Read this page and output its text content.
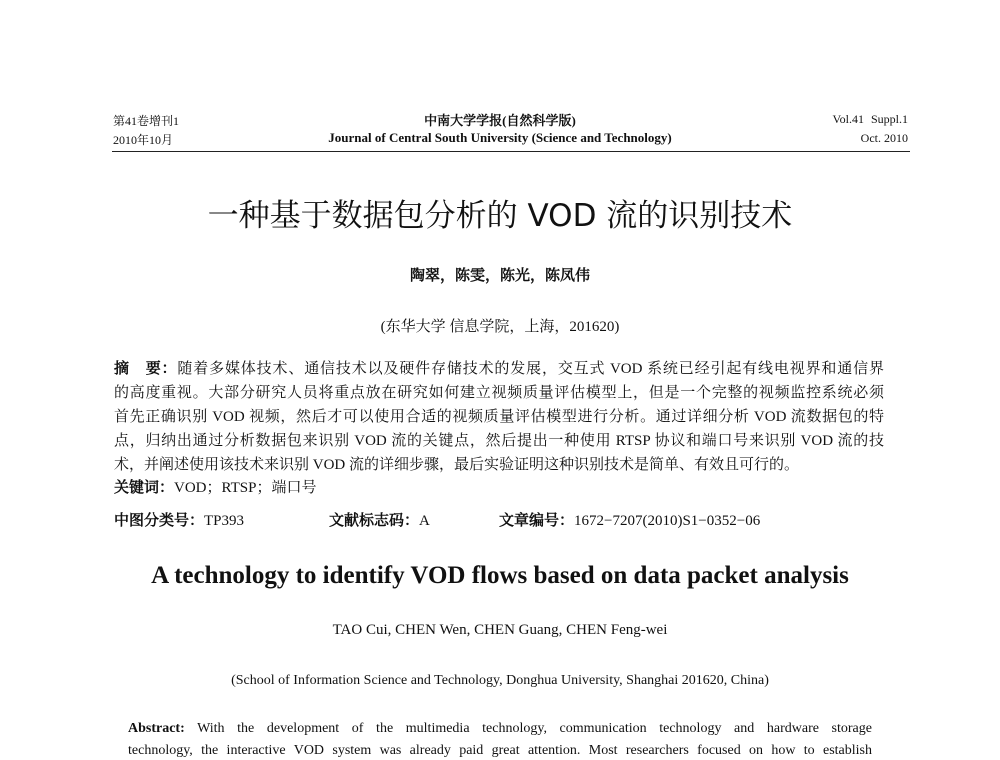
第41卷增刊1
2010年10月
中南大学学报(自然科学版)
Journal of Central South University (Science and Technology)
Vol.41 Suppl.1
Oct. 2010
一种基于数据包分析的 VOD 流的识别技术
陶翠，陈雯，陈光，陈凤伟
(东华大学 信息学院，上海，201620)
摘　要：随着多媒体技术、通信技术以及硬件存储技术的发展，交互式 VOD 系统已经引起有线电视界和通信界
的高度重视。大部分研究人员将重点放在研究如何建立视频质量评估模型上，但是一个完整的视频监控系统必须
首先正确识别 VOD 视频，然后才可以使用合适的视频质量评估模型进行分析。通过详细分析 VOD 流数据包的特
点，归纳出通过分析数据包来识别 VOD 流的关键点，然后提出一种使用 RTSP 协议和端口号来识别 VOD 流的技
术，并阐述使用该技术来识别 VOD 流的详细步骤，最后实验证明这种识别技术是简单、有效且可行的。
关键词：VOD；RTSP；端口号
中图分类号：TP393	文献标志码：A	文章编号：1672−7207(2010)S1−0352−06
A technology to identify VOD flows based on data packet analysis
TAO Cui, CHEN Wen, CHEN Guang, CHEN Feng-wei
(School of Information Science and Technology, Donghua University, Shanghai 201620, China)
Abstract: With the development of the multimedia technology, communication technology and hardware storage
technology, the interactive VOD system was already paid great attention. Most researchers focused on how to establish
